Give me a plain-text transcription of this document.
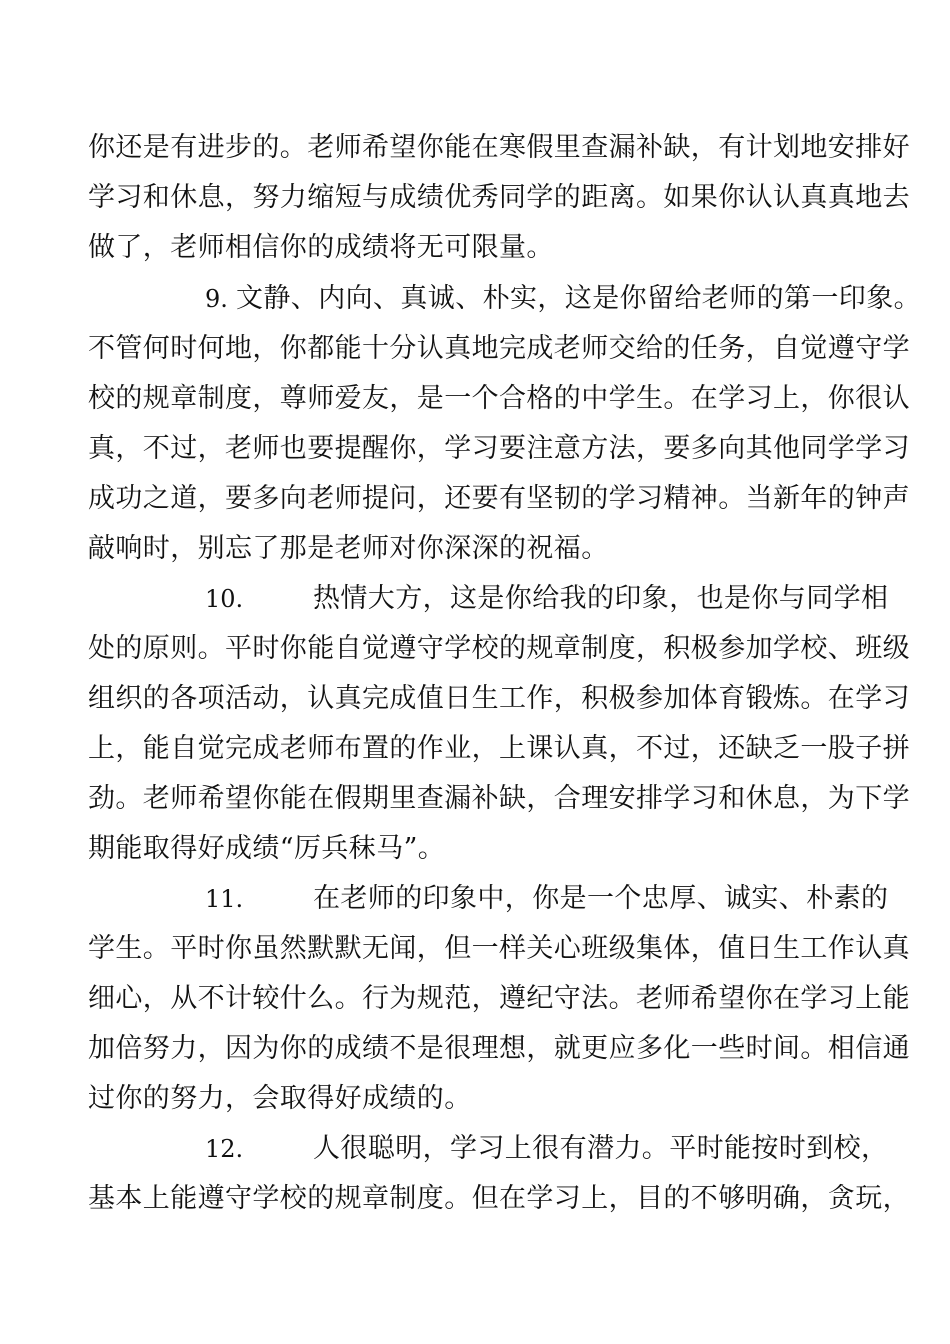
你还是有进步的。老师希望你能在寒假里查漏补缺，有计划地安排好
学习和休息，努力缩短与成绩优秀同学的距离。如果你认认真真地去
做了，老师相信你的成绩将无可限量。
9. 文静、内向、真诚、朴实，这是你留给老师的第一印象。
不管何时何地，你都能十分认真地完成老师交给的任务，自觉遵守学
校的规章制度，尊师爱友，是一个合格的中学生。在学习上，你很认
真，不过，老师也要提醒你，学习要注意方法，要多向其他同学学习
成功之道，要多向老师提问，还要有坚韧的学习精神。当新年的钟声
敲响时，别忘了那是老师对你深深的祝福。
10.	热情大方，这是你给我的印象，也是你与同学相
处的原则。平时你能自觉遵守学校的规章制度，积极参加学校、班级
组织的各项活动，认真完成值日生工作，积极参加体育锻炼。在学习
上，能自觉完成老师布置的作业，上课认真，不过，还缺乏一股子拼
劲。老师希望你能在假期里查漏补缺，合理安排学习和休息，为下学
期能取得好成绩“厉兵秣马”。
11.	在老师的印象中，你是一个忠厚、诚实、朴素的
学生。平时你虽然默默无闻，但一样关心班级集体，值日生工作认真
细心，从不计较什么。行为规范，遵纪守法。老师希望你在学习上能
加倍努力，因为你的成绩不是很理想，就更应多化一些时间。相信通
过你的努力，会取得好成绩的。
12.	人很聪明，学习上很有潜力。平时能按时到校，
基本上能遵守学校的规章制度。但在学习上，目的不够明确，贪玩，
